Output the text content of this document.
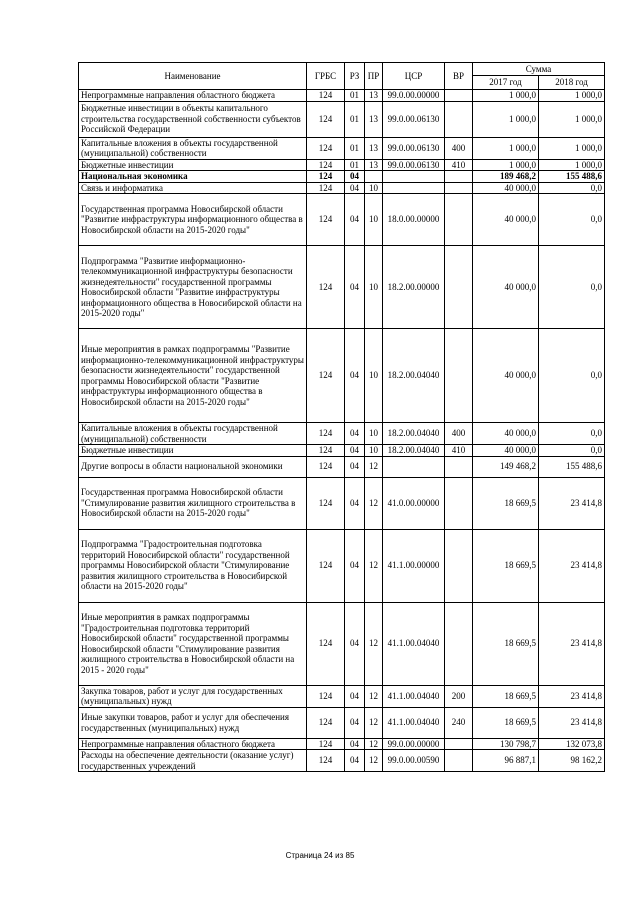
Наименование	ГРБС	РЗ	ПР	ЦСР	ВР	Сумма	
						2017 год	2018 год
Непрограммные направления областного бюджета	124	01	13	99.0.00.00000		1 000,0	1 000,0
Бюджетные инвестиции в объекты капитального строительства государственной собственности субъектов Российской Федерации	124	01	13	99.0.00.06130		1 000,0	1 000,0
Капитальные вложения в объекты государственной (муниципальной) собственности	124	01	13	99.0.00.06130	400	1 000,0	1 000,0
Бюджетные инвестиции	124	01	13	99.0.00.06130	410	1 000,0	1 000,0
Национальная экономика	124	04				189 468,2	155 488,6
Связь и информатика	124	04	10			40 000,0	0,0
Государственная программа Новосибирской области "Развитие инфраструктуры информационного общества в Новосибирской области на 2015-2020 годы"	124	04	10	18.0.00.00000		40 000,0	0,0
Подпрограмма "Развитие информационно-телекоммуникационной инфраструктуры безопасности жизнедеятельности" государственной программы Новосибирской области "Развитие инфраструктуры информационного общества в Новосибирской области на 2015-2020 годы"	124	04	10	18.2.00.00000		40 000,0	0,0
Иные мероприятия в рамках подпрограммы "Развитие информационно-телекоммуникационной инфраструктуры безопасности жизнедеятельности" государственной программы Новосибирской области "Развитие инфраструктуры информационного общества в Новосибирской области на 2015-2020 годы"	124	04	10	18.2.00.04040		40 000,0	0,0
Капитальные вложения в объекты государственной (муниципальной) собственности	124	04	10	18.2.00.04040	400	40 000,0	0,0
Бюджетные инвестиции	124	04	10	18.2.00.04040	410	40 000,0	0,0
Другие вопросы в области национальной экономики	124	04	12			149 468,2	155 488,6
Государственная программа Новосибирской области "Стимулирование развития жилищного строительства в Новосибирской области на 2015-2020 годы"	124	04	12	41.0.00.00000		18 669,5	23 414,8
Подпрограмма "Градостроительная подготовка территорий Новосибирской области" государственной программы Новосибирской области "Стимулирование развития жилищного строительства в Новосибирской области на 2015-2020 годы"	124	04	12	41.1.00.00000		18 669,5	23 414,8
Иные мероприятия в рамках подпрограммы "Градостроительная подготовка территорий Новосибирской области" государственной программы Новосибирской области "Стимулирование развития жилищного строительства в Новосибирской области на 2015 - 2020 годы"	124	04	12	41.1.00.04040		18 669,5	23 414,8
Закупка товаров, работ и услуг для государственных (муниципальных) нужд	124	04	12	41.1.00.04040	200	18 669,5	23 414,8
Иные закупки товаров, работ и услуг для обеспечения государственных (муниципальных) нужд	124	04	12	41.1.00.04040	240	18 669,5	23 414,8
Непрограммные направления областного бюджета	124	04	12	99.0.00.00000		130 798,7	132 073,8
Расходы на обеспечение деятельности (оказание услуг) государственных учреждений	124	04	12	99.0.00.00590		96 887,1	98 162,2
Страница 24 из 85
